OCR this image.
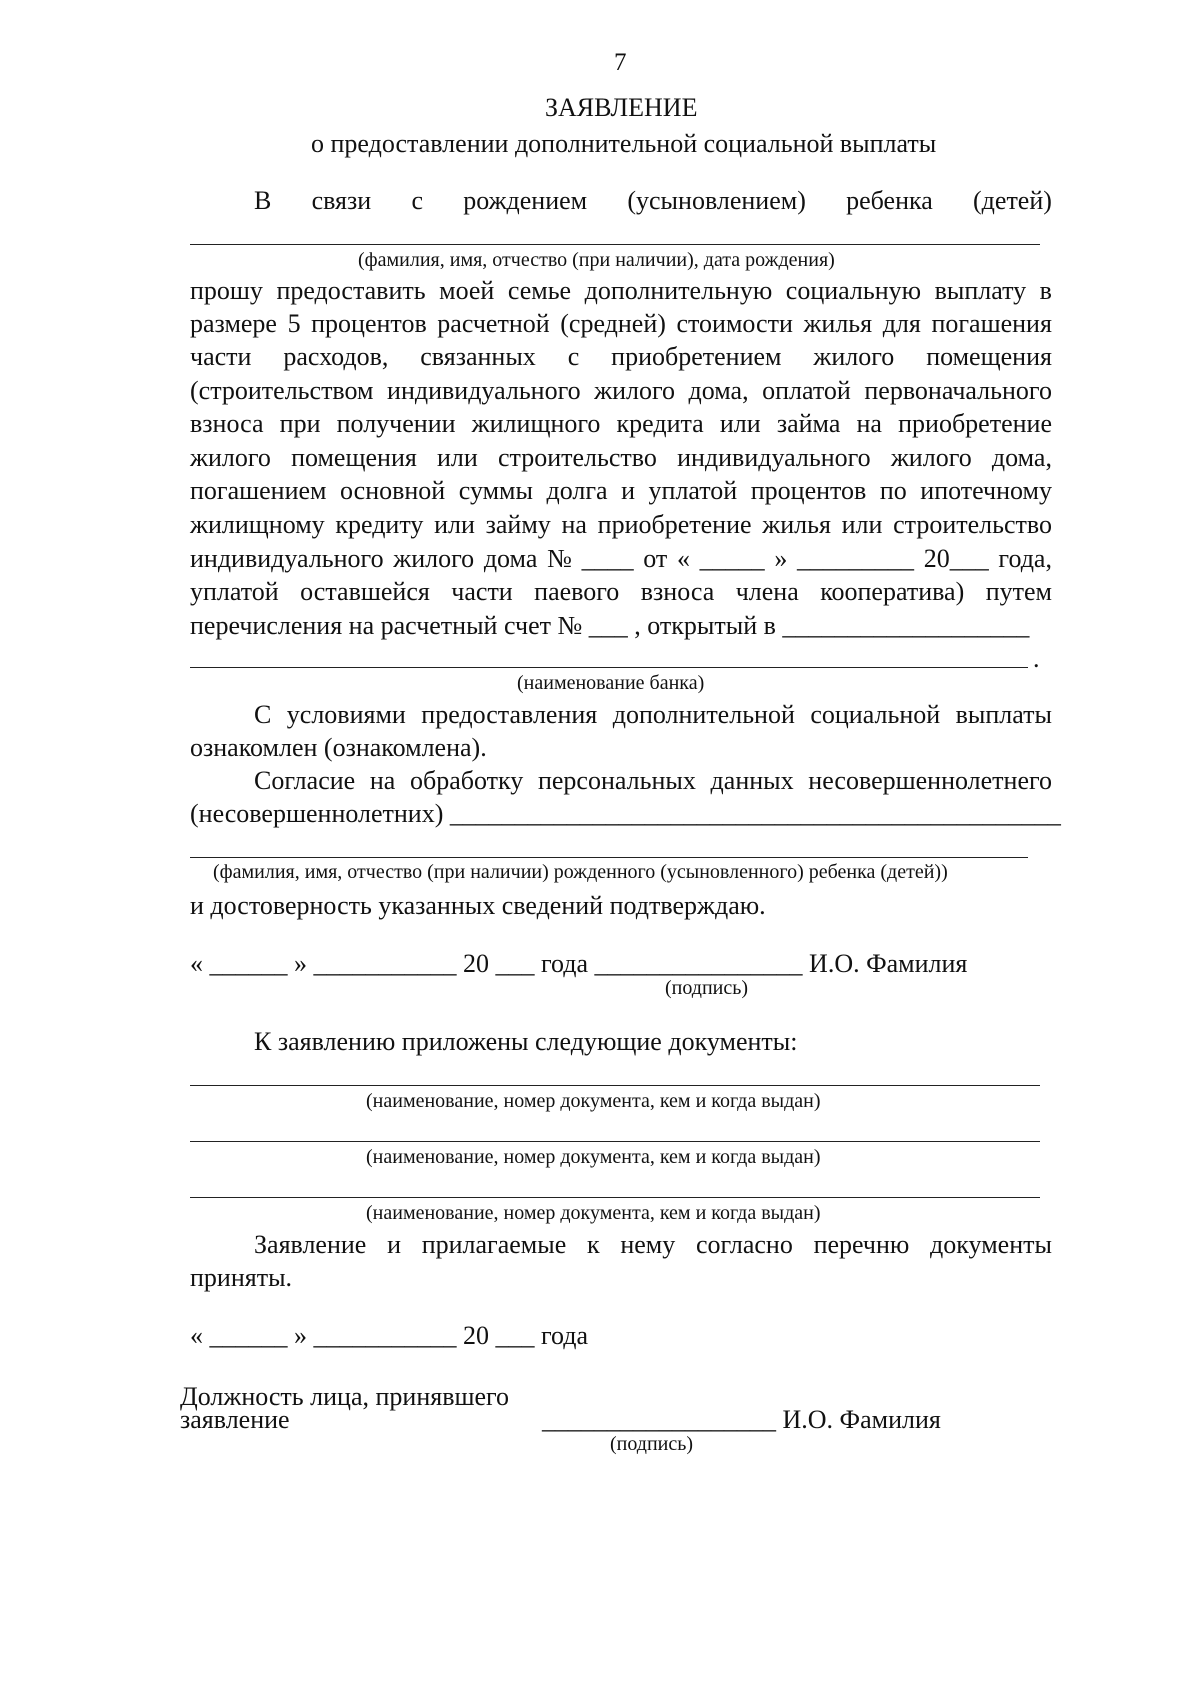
7
ЗАЯВЛЕНИЕ
о предоставлении дополнительной социальной выплаты
В связи с рождением (усыновлением) ребенка (детей)
(фамилия, имя, отчество (при наличии), дата рождения)
прошу предоставить моей семье дополнительную социальную выплату в
размере 5 процентов расчетной (средней) стоимости жилья для погашения
части расходов, связанных с приобретением жилого помещения
(строительством индивидуального жилого дома, оплатой первоначального
взноса при получении жилищного кредита или займа на приобретение
жилого помещения или строительство индивидуального жилого дома,
погашением основной суммы долга и уплатой процентов по ипотечному
жилищному кредиту или займу на приобретение жилья или строительство
индивидуального жилого дома № ____ от « _____ » _________ 20___ года,
уплатой оставшейся части паевого взноса члена кооператива) путем
перечисления на расчетный счет № ___ , открытый в ___________________
.
(наименование банка)
С условиями предоставления дополнительной социальной выплаты
ознакомлен (ознакомлена).
Согласие на обработку персональных данных несовершеннолетнего
(несовершеннолетних) _______________________________________________
(фамилия, имя, отчество (при наличии) рожденного (усыновленного) ребенка (детей))
и достоверность указанных сведений подтверждаю.
« ______ » ___________ 20 ___ года ________________ И.О. Фамилия
(подпись)
К заявлению приложены следующие документы:
(наименование, номер документа, кем и когда выдан)
(наименование, номер документа, кем и когда выдан)
(наименование, номер документа, кем и когда выдан)
Заявление и прилагаемые к нему согласно перечню документы
приняты.
« ______ » ___________ 20 ___ года
Должность лица, принявшего
заявление	__________________ И.О. Фамилия
(подпись)
